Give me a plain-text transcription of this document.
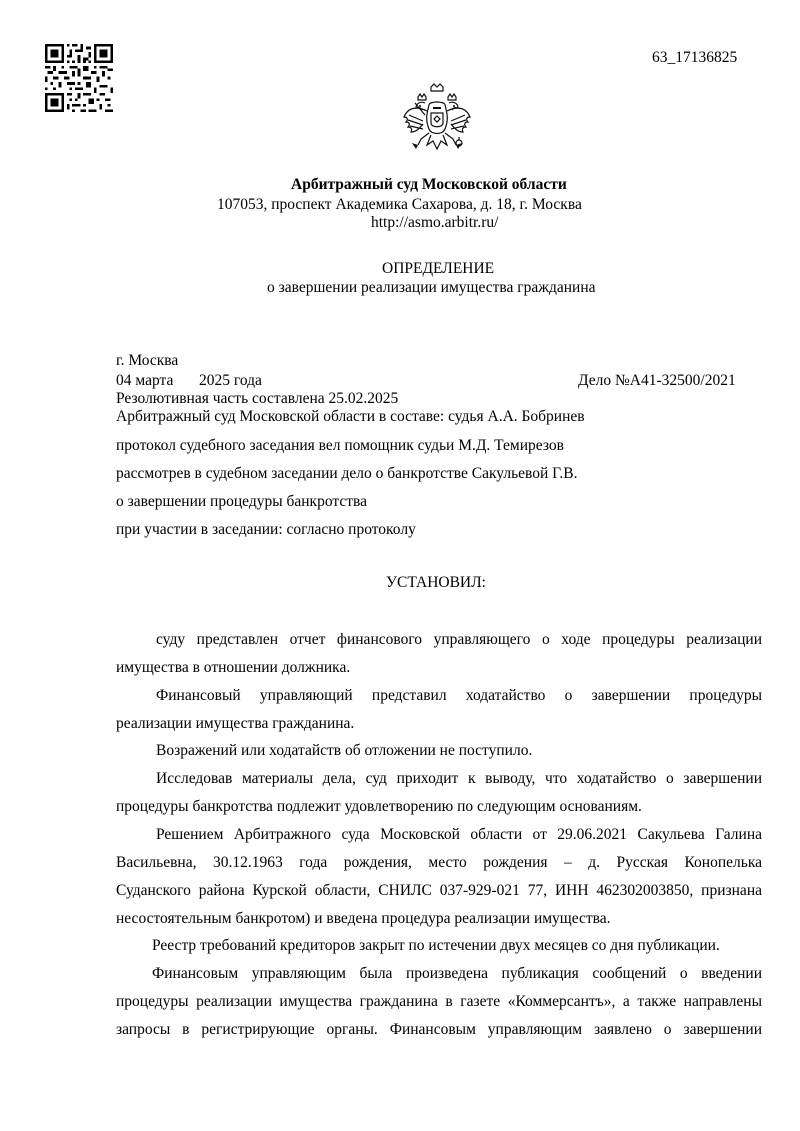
63_17136825
Арбитражный суд Московской области
107053, проспект Академика Сахарова, д. 18, г. Москва
http://asmo.arbitr.ru/
ОПРЕДЕЛЕНИЕ
о завершении реализации имущества гражданина
г. Москва
04 марта 2025 года	Дело №А41-32500/2021
Резолютивная часть составлена 25.02.2025
Арбитражный суд Московской области в составе: судья А.А. Бобринев
протокол судебного заседания вел помощник судьи М.Д. Темирезов
рассмотрев в судебном заседании дело о банкротстве Сакульевой Г.В.
о завершении процедуры банкротства
при участии в заседании: согласно протоколу
УСТАНОВИЛ:
суду представлен отчет финансового управляющего о ходе процедуры реализации
имущества в отношении должника.
Финансовый управляющий представил ходатайство о завершении процедуры
реализации имущества гражданина.
Возражений или ходатайств об отложении не поступило.
Исследовав материалы дела, суд приходит к выводу, что ходатайство о завершении
процедуры банкротства подлежит удовлетворению по следующим основаниям.
Решением Арбитражного суда Московской области от 29.06.2021 Сакульева Галина
Васильевна, 30.12.1963 года рождения, место рождения – д. Русская Конопелька
Суданского района Курской области, СНИЛС 037-929-021 77, ИНН 462302003850, признана
несостоятельным банкротом) и введена процедура реализации имущества.
Реестр требований кредиторов закрыт по истечении двух месяцев со дня публикации.
Финансовым управляющим была произведена публикация сообщений о введении
процедуры реализации имущества гражданина в газете «Коммерсантъ», а также направлены
запросы в регистрирующие органы. Финансовым управляющим заявлено о завершении
